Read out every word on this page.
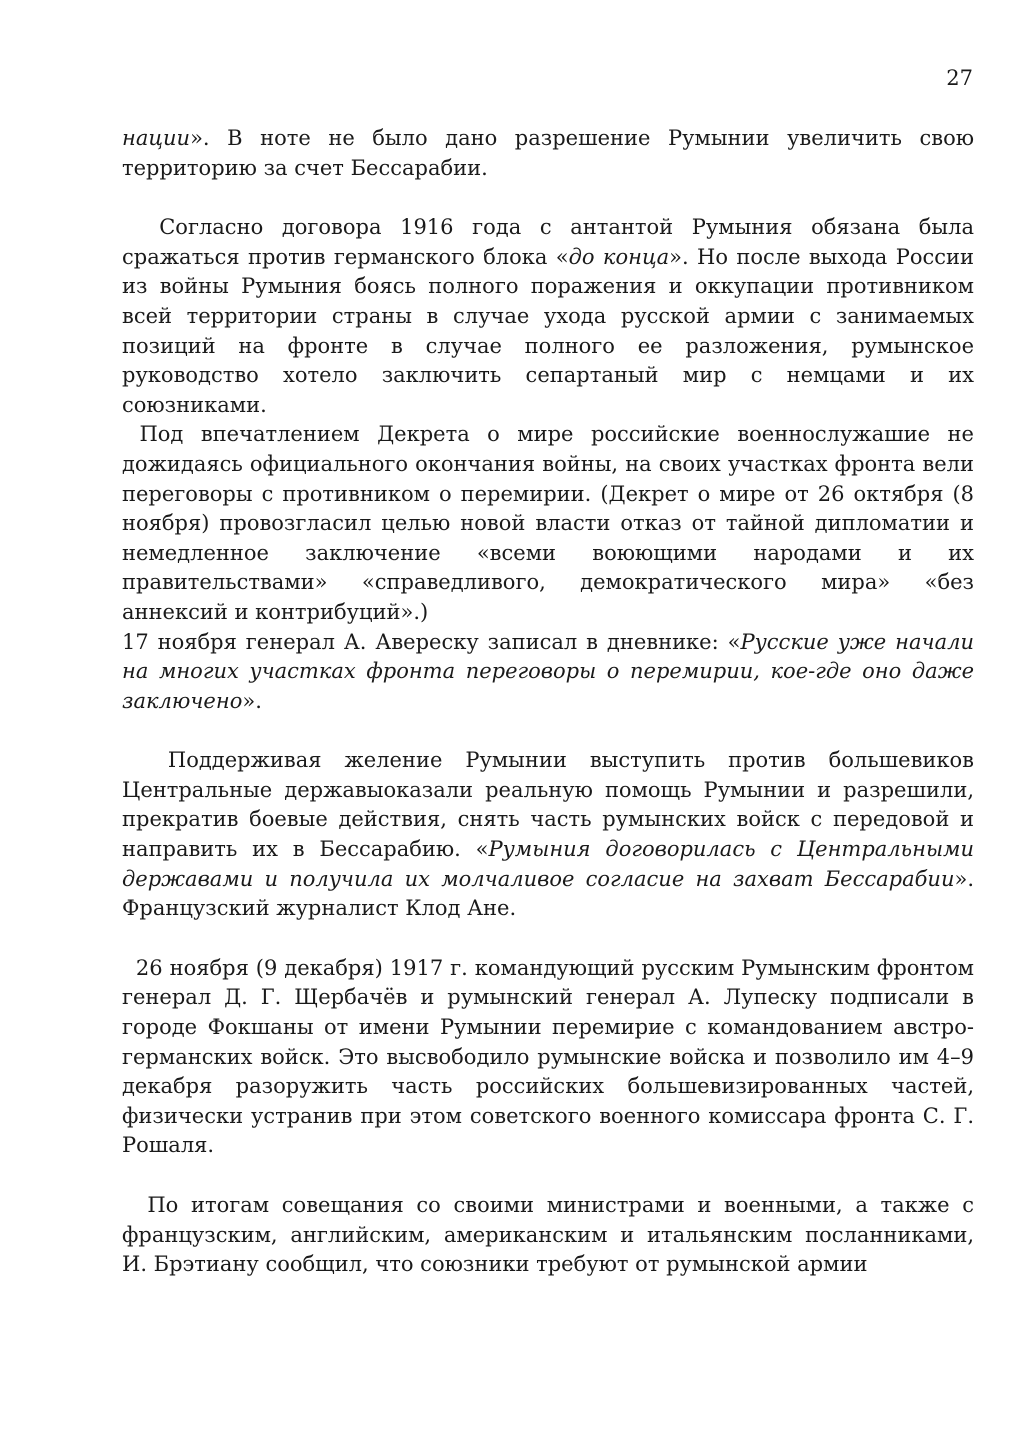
27

нации». В ноте не было дано разрешение Румынии увеличить свою территорию за счет Бессарабии.

Согласно договора 1916 года с антантой Румыния обязана была сражаться против германского блока «до конца». Но после выхода России из войны Румыния боясь полного поражения и оккупации противником всей территории страны в случае ухода русской армии с занимаемых позиций на фронте в случае полного ее разложения, румынское руководство хотело заключить сепартаный мир с немцами и их союзниками.

Под впечатлением Декрета о мире российские военнослужашие не дожидаясь официального окончания войны, на своих участках фронта вели переговоры с противником о перемирии. (Декрет о мире от 26 октября (8 ноября) провозгласил целью новой власти отказ от тайной дипломатии и немедленное заключение «всеми воюющими народами и их правительствами» «справедливого, демократического мира» «без аннексий и контрибуций».)

17 ноября генерал А. Авереску записал в дневнике: «Русские уже начали на многих участках фронта переговоры о перемирии, кое-где оно даже заключено».

Поддерживая желение Румынии выступить против большевиков Центральные державыоказали реальную помощь Румынии и разрешили, прекратив боевые действия, снять часть румынских войск с передовой и направить их в Бессарабию. «Румыния договорилась с Центральными державами и получила их молчаливое согласие на захват Бессарабии». Французский журналист Клод Ане.

26 ноября (9 декабря) 1917 г. командующий русским Румынским фронтом генерал Д. Г. Щербачёв и румынский генерал А. Лупеску подписали в городе Фокшаны от имени Румынии перемирие с командованием австро-германских войск. Это высвободило румынские войска и позволило им 4–9 декабря разоружить часть российских большевизированных частей, физически устранив при этом советского военного комиссара фронта С. Г. Рошаля.

По итогам совещания со своими министрами и военными, а также с французским, английским, американским и итальянским посланниками, И. Брэтиану сообщил, что союзники требуют от румынской армии
